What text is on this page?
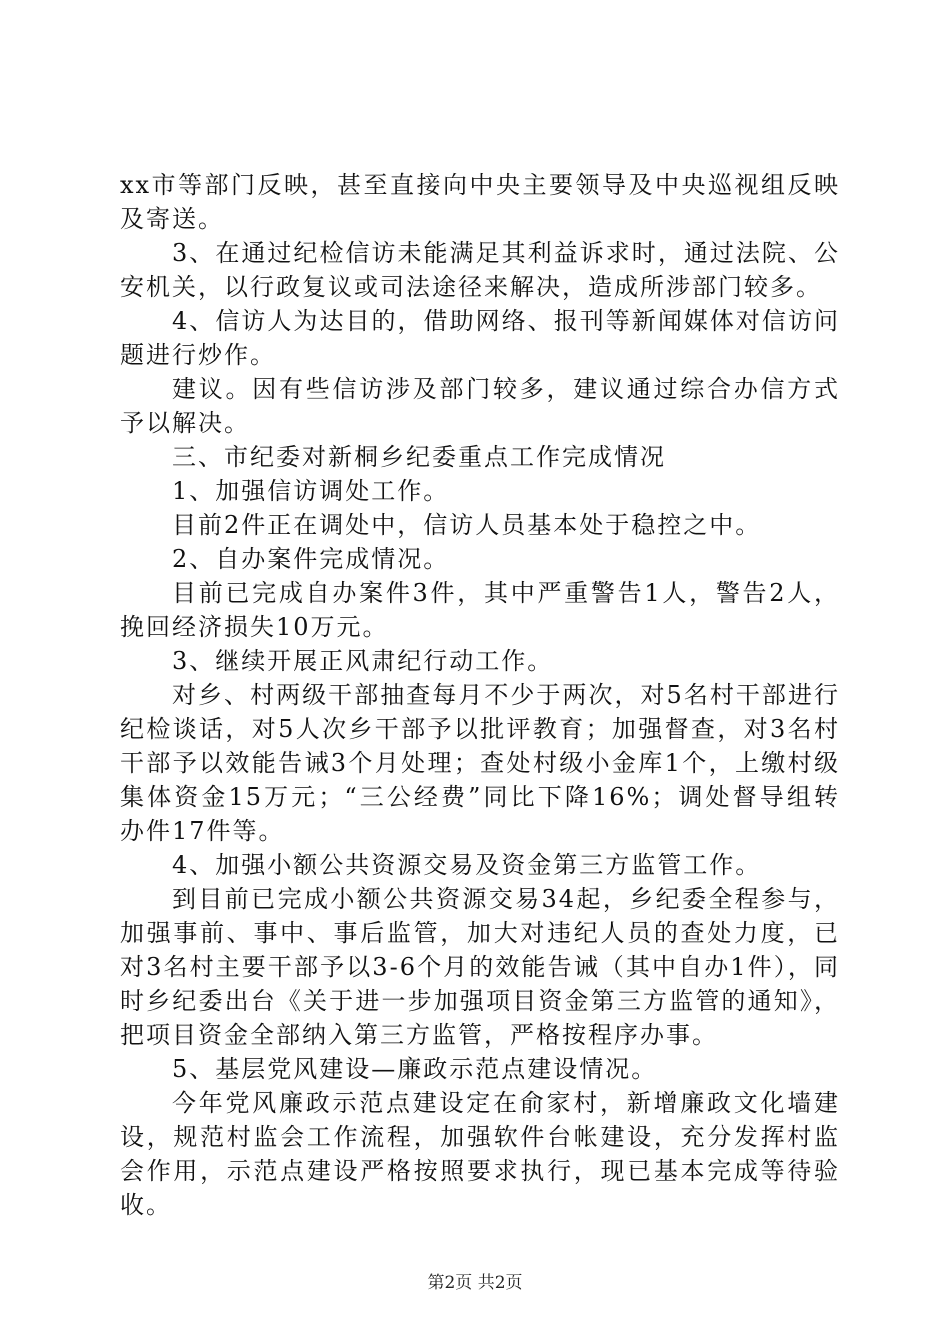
xx市等部门反映，甚至直接向中央主要领导及中央巡视组反映及寄送。

3、在通过纪检信访未能满足其利益诉求时，通过法院、公安机关，以行政复议或司法途径来解决，造成所涉部门较多。

4、信访人为达目的，借助网络、报刊等新闻媒体对信访问题进行炒作。

建议。因有些信访涉及部门较多，建议通过综合办信方式予以解决。

三、市纪委对新桐乡纪委重点工作完成情况

1、加强信访调处工作。

目前2件正在调处中，信访人员基本处于稳控之中。

2、自办案件完成情况。

目前已完成自办案件3件，其中严重警告1人，警告2人，挽回经济损失10万元。

3、继续开展正风肃纪行动工作。

对乡、村两级干部抽查每月不少于两次，对5名村干部进行纪检谈话，对5人次乡干部予以批评教育；加强督查，对3名村干部予以效能告诫3个月处理；查处村级小金库1个，上缴村级集体资金15万元；“三公经费”同比下降16%；调处督导组转办件17件等。

4、加强小额公共资源交易及资金第三方监管工作。

到目前已完成小额公共资源交易34起，乡纪委全程参与，加强事前、事中、事后监管，加大对违纪人员的查处力度，已对3名村主要干部予以3-6个月的效能告诫（其中自办1件），同时乡纪委出台《关于进一步加强项目资金第三方监管的通知》，把项目资金全部纳入第三方监管，严格按程序办事。

5、基层党风建设—廉政示范点建设情况。

今年党风廉政示范点建设定在俞家村，新增廉政文化墙建设，规范村监会工作流程，加强软件台帐建设，充分发挥村监会作用，示范点建设严格按照要求执行，现已基本完成等待验收。

第2页 共2页
